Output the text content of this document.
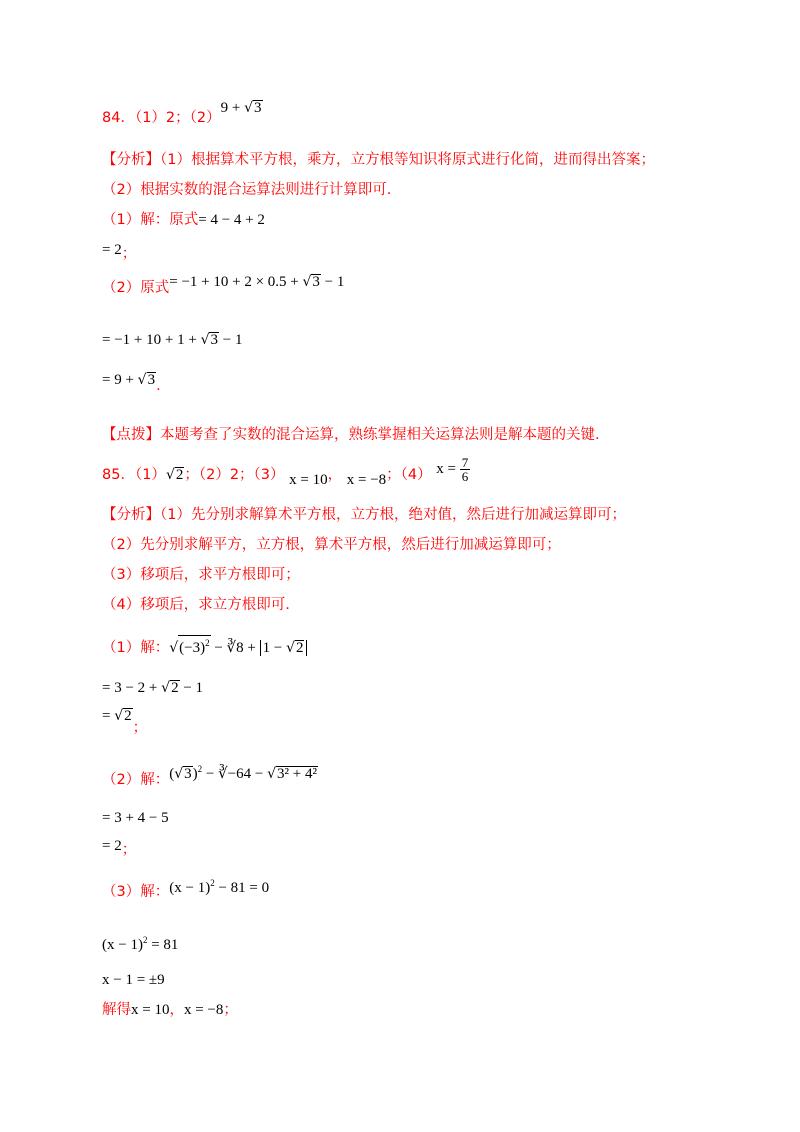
84．（1）2；（2）9 + √3
【分析】（1）根据算术平方根，乘方，立方根等知识将原式进行化简，进而得出答案；
（2）根据实数的混合运算法则进行计算即可.
（1）解：原式= 4 − 4 + 2
= 2；
（2）原式= −1 + 10 + 2 × 0.5 + √3 − 1
= −1 + 10 + 1 + √3 − 1
= 9 + √3.
【点拨】本题考查了实数的混合运算，熟练掌握相关运算法则是解本题的关键.
85．（1）√2；（2）2；（3） x = 10， x = −8；（4） $x = \frac{7}{6}$
【分析】（1）先分别求解算术平方根，立方根，绝对值，然后进行加减运算即可；
（2）先分别求解平方，立方根，算术平方根，然后进行加减运算即可；
（3）移项后，求平方根即可；
（4）移项后，求立方根即可.
（1）解：$√(-3)^2$ − ∛8 + 1 − √2
= 3 − 2 + √2 − 1
= √2；
（2）解：$(√3)^2$ − ∛−64 − √3² + 4²
= 3 + 4 − 5
= 2；
（3）解：$(x - 1)^2 - 81 = 0$
$(x - 1)^2 = 81$
x − 1 = ±9
解得x = 10，x = −8；
